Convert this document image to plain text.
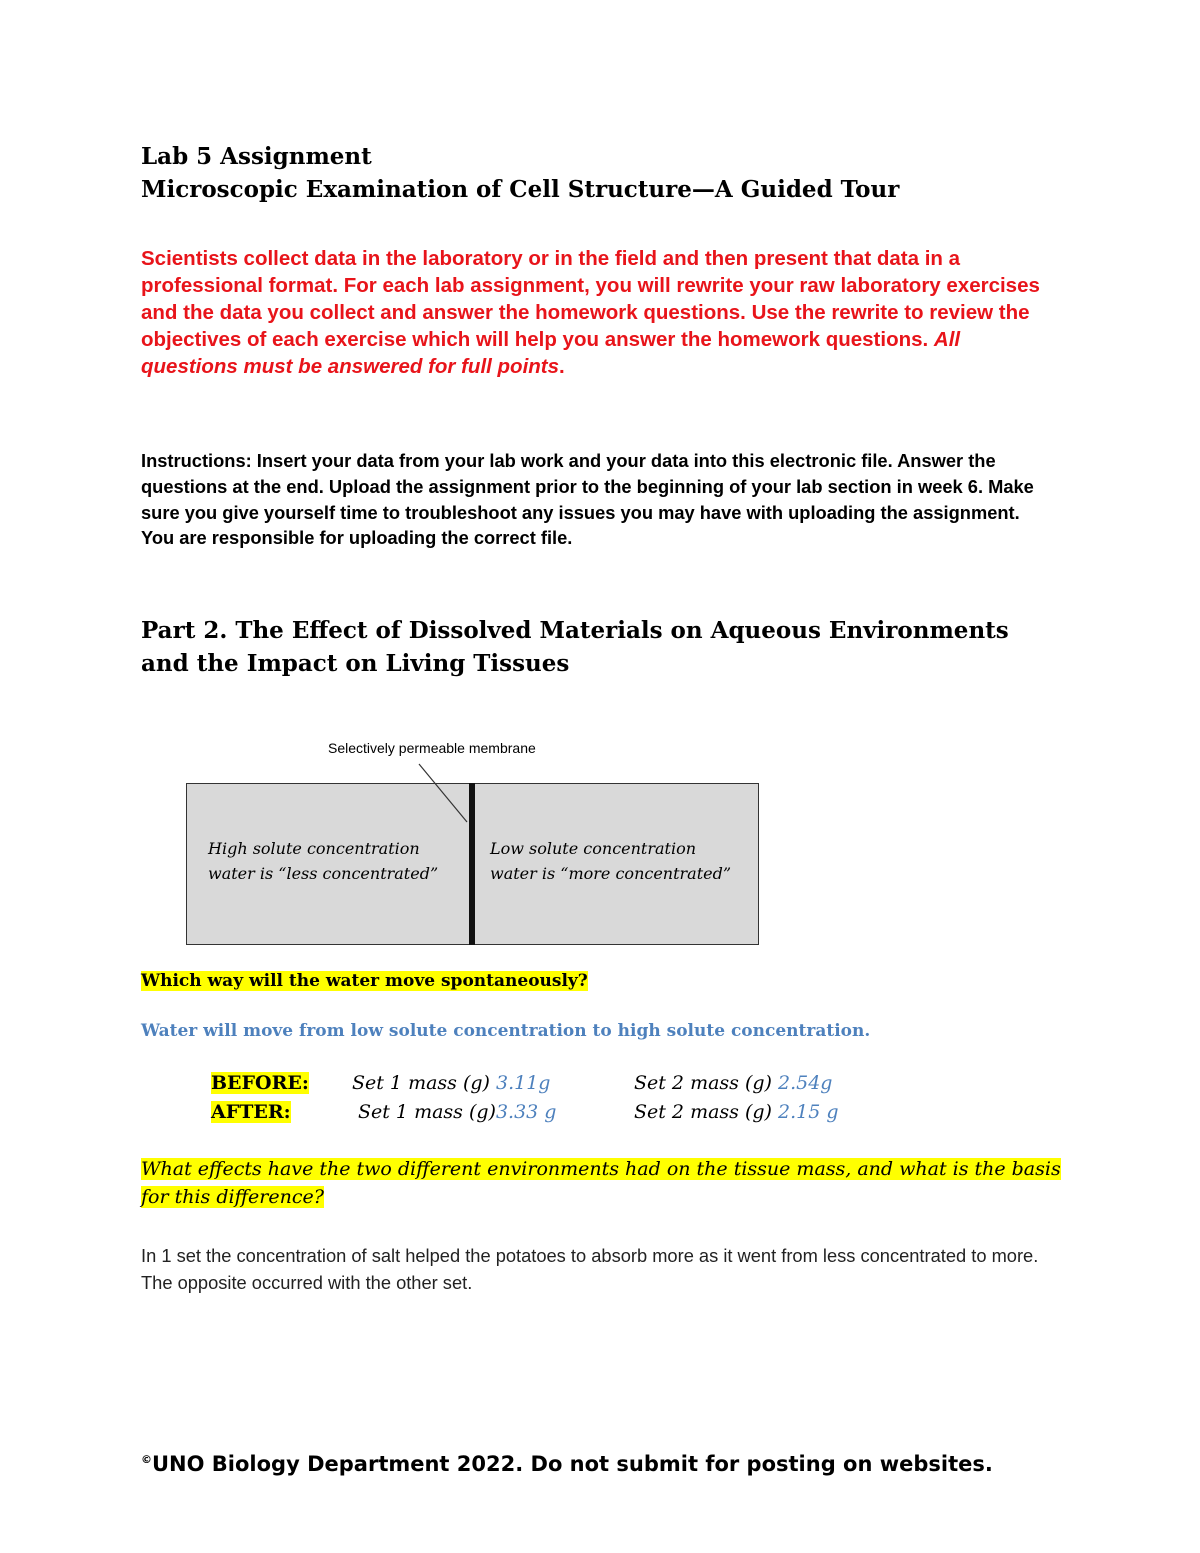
Lab 5 Assignment
Microscopic Examination of Cell Structure—A Guided Tour
Scientists collect data in the laboratory or in the field and then present that data in a professional format. For each lab assignment, you will rewrite your raw laboratory exercises and the data you collect and answer the homework questions. Use the rewrite to review the objectives of each exercise which will help you answer the homework questions. All questions must be answered for full points.
Instructions: Insert your data from your lab work and your data into this electronic file. Answer the questions at the end. Upload the assignment prior to the beginning of your lab section in week 6. Make sure you give yourself time to troubleshoot any issues you may have with uploading the assignment. You are responsible for uploading the correct file.
Part 2. The Effect of Dissolved Materials on Aqueous Environments and the Impact on Living Tissues
Selectively permeable membrane
High solute concentration
water is “less concentrated”
Low solute concentration
water is “more concentrated”
Which way will the water move spontaneously?
Water will move from low solute concentration to high solute concentration.
BEFORE:
AFTER:
Set 1 mass (g) 3.11g	Set 2 mass (g) 2.54g
Set 1 mass (g)3.33 g	Set 2 mass (g) 2.15 g
What effects have the two different environments had on the tissue mass, and what is the basis for this difference?
In 1 set the concentration of salt helped the potatoes to absorb more as it went from less concentrated to more. The opposite occurred with the other set.
©UNO Biology Department 2022. Do not submit for posting on websites.
